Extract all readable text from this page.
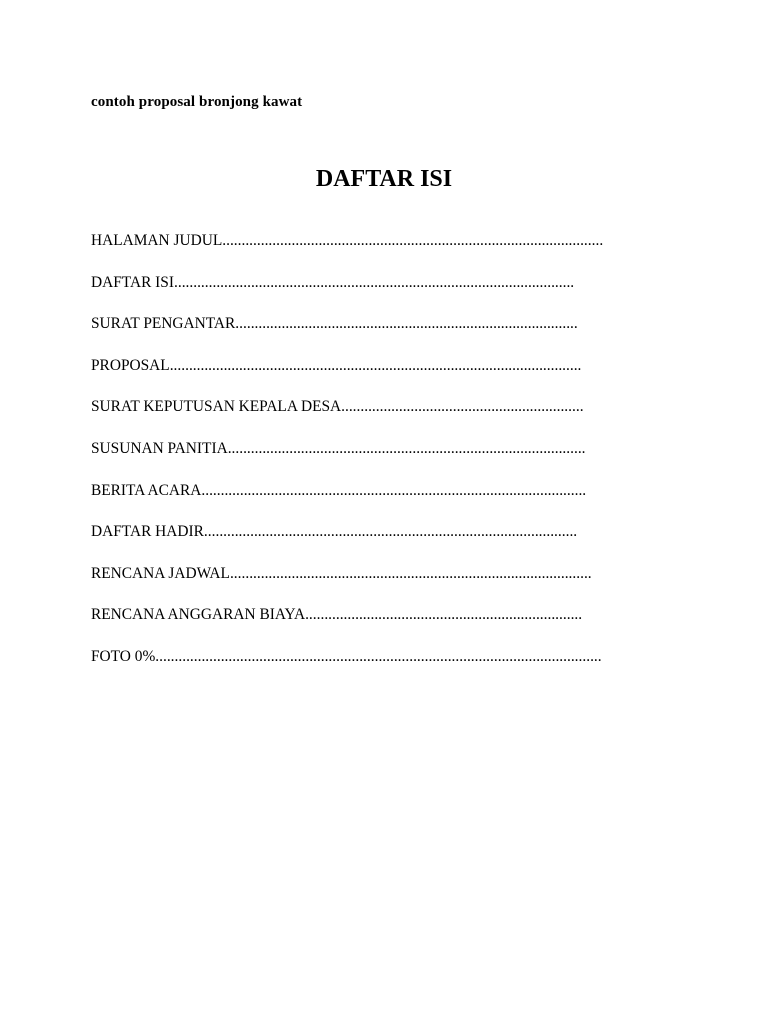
contoh proposal bronjong kawat
DAFTAR ISI
HALAMAN JUDUL...................................................................................................
DAFTAR ISI........................................................................................................
SURAT PENGANTAR.........................................................................................
PROPOSAL...........................................................................................................
SURAT KEPUTUSAN KEPALA DESA...............................................................
SUSUNAN PANITIA.............................................................................................
BERITA ACARA....................................................................................................
DAFTAR HADIR.................................................................................................
RENCANA JADWAL..............................................................................................
RENCANA ANGGARAN BIAYA........................................................................
FOTO 0%....................................................................................................................
